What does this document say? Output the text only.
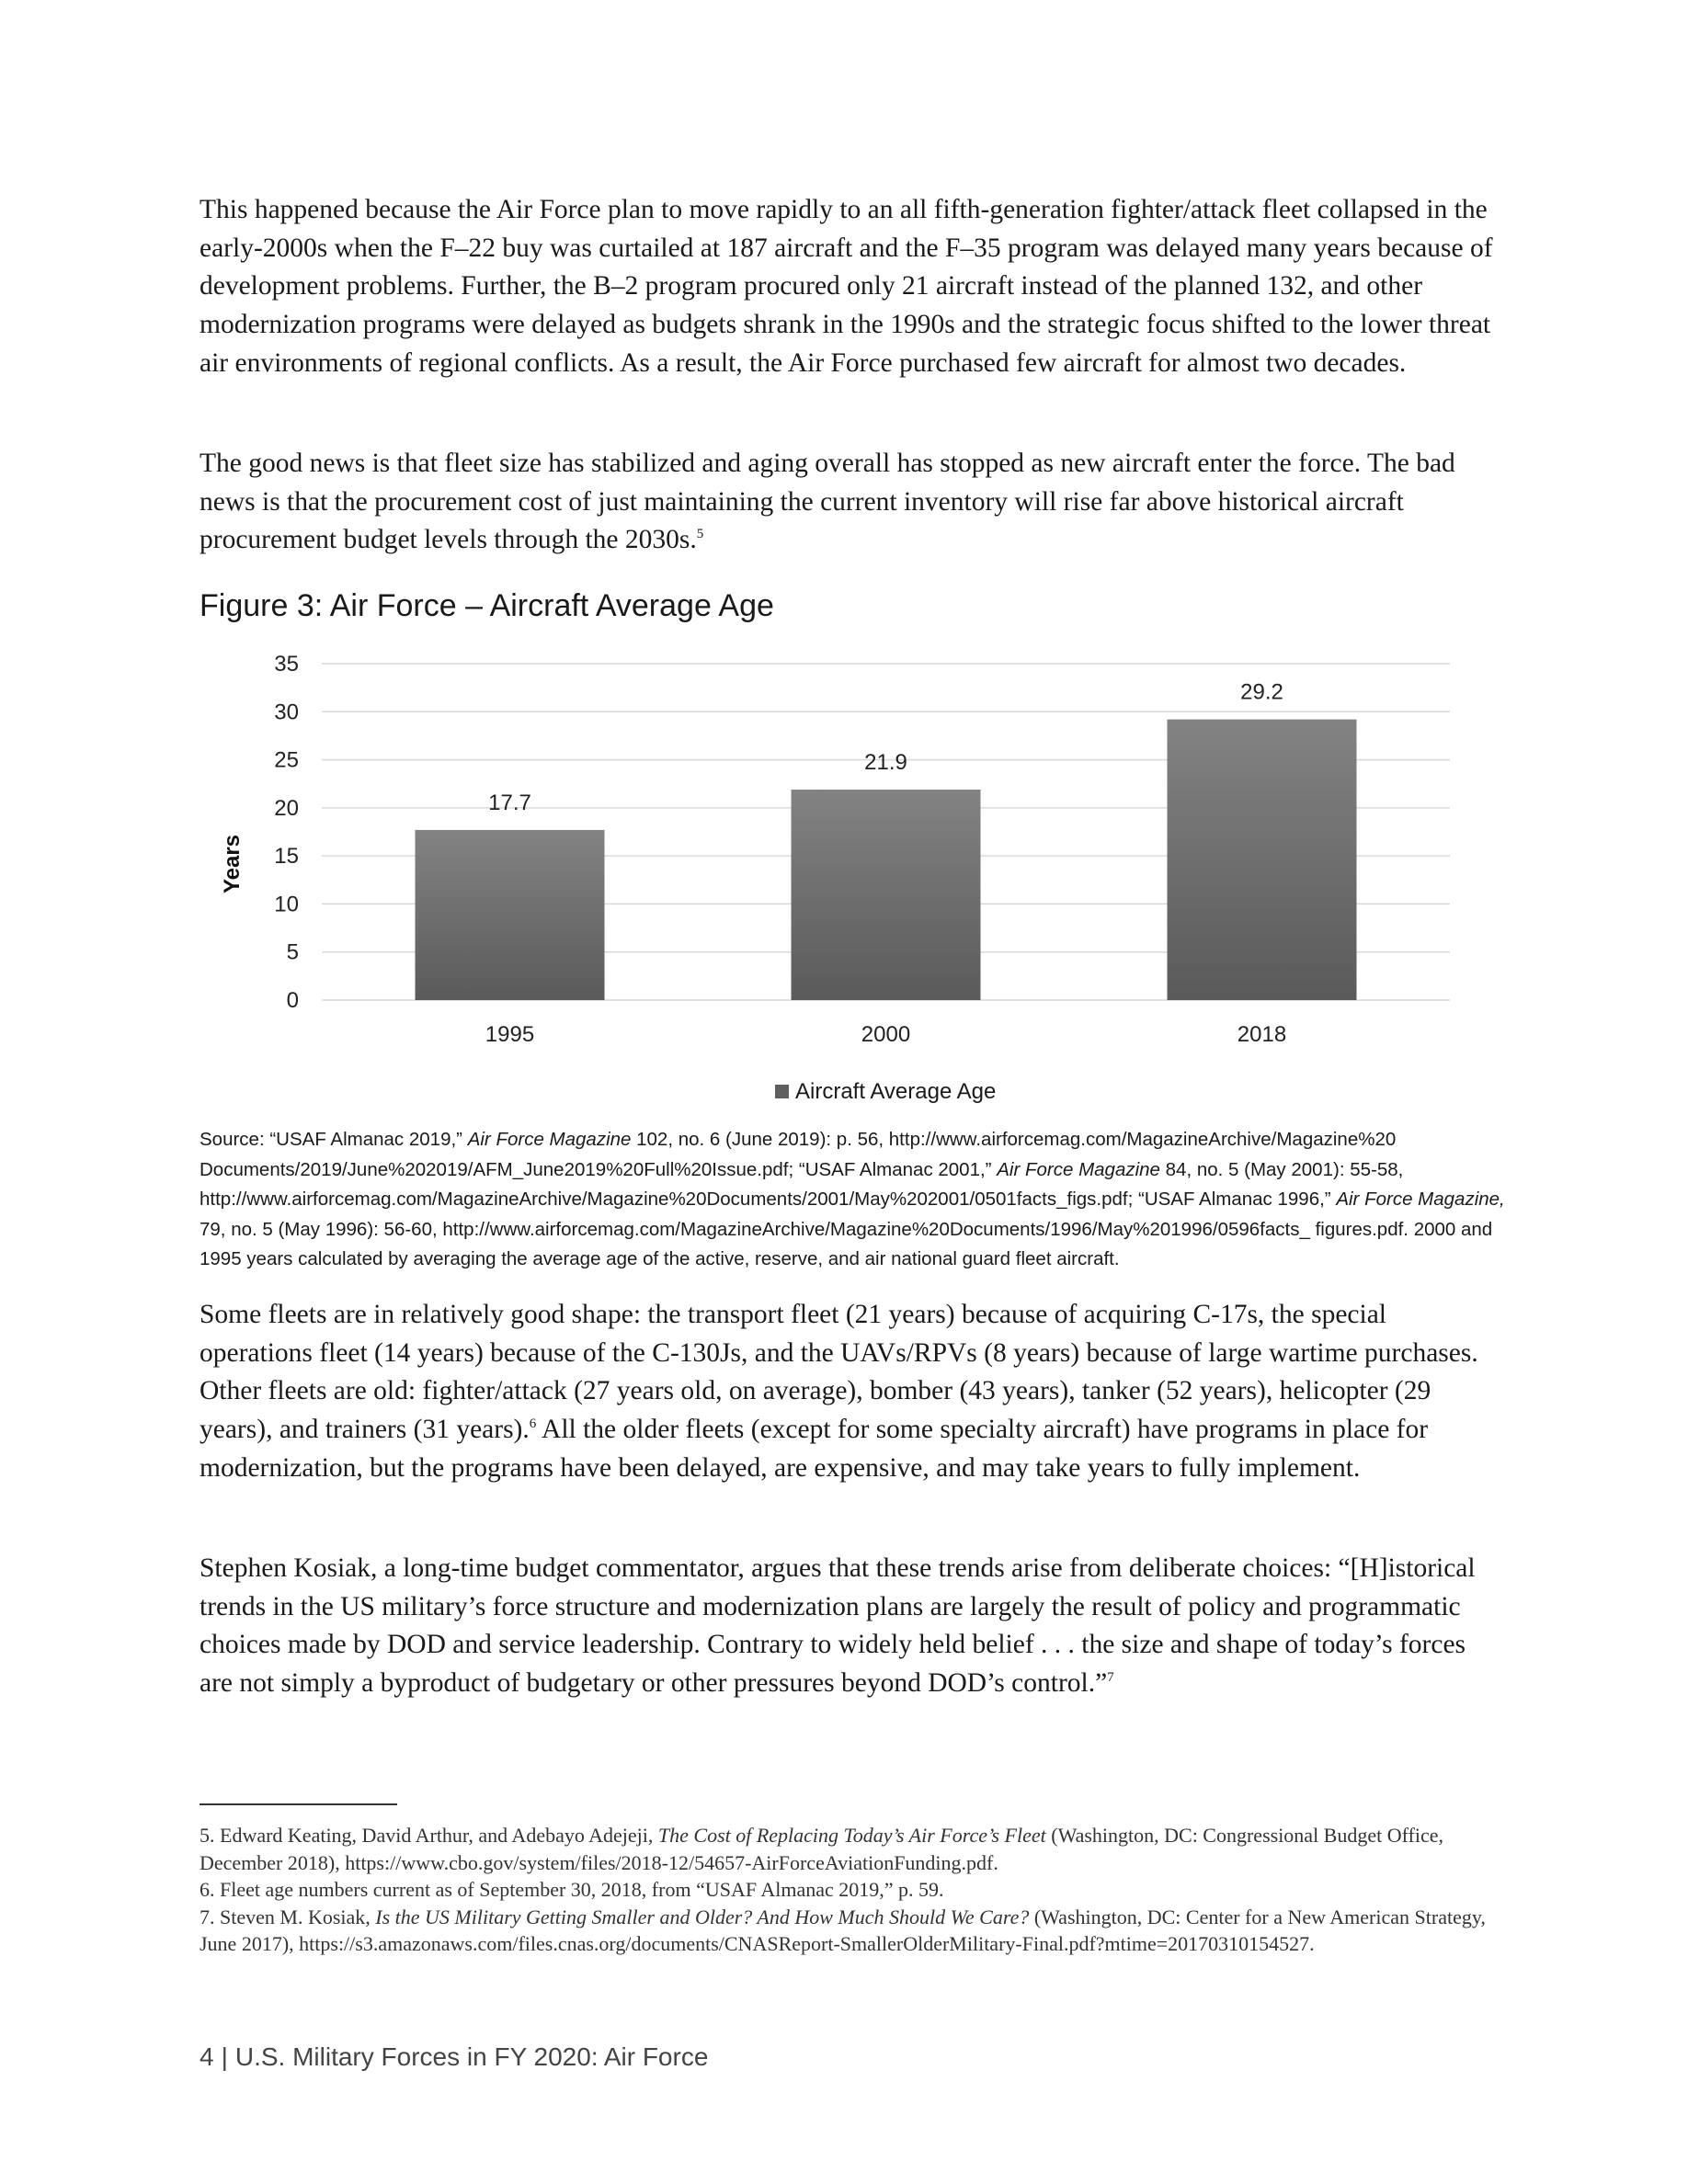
This happened because the Air Force plan to move rapidly to an all fifth-generation fighter/attack fleet collapsed in the early-2000s when the F–22 buy was curtailed at 187 aircraft and the F–35 program was delayed many years because of development problems. Further, the B–2 program procured only 21 aircraft instead of the planned 132, and other modernization programs were delayed as budgets shrank in the 1990s and the strategic focus shifted to the lower threat air environments of regional conflicts. As a result, the Air Force purchased few aircraft for almost two decades.

The good news is that fleet size has stabilized and aging overall has stopped as new aircraft enter the force. The bad news is that the procurement cost of just maintaining the current inventory will rise far above historical aircraft procurement budget levels through the 2030s.$^5$

Figure 3: Air Force – Aircraft Average Age
0
5
10
15
20
25
30
35
17.7
21.9
29.2
1995	2000	2018
Years
Aircraft Average Age

Source: “USAF Almanac 2019,” Air Force Magazine 102, no. 6 (June 2019): p. 56, http://www.airforcemag.com/MagazineArchive/Magazine%20 Documents/2019/June%202019/AFM_June2019%20Full%20Issue.pdf; “USAF Almanac 2001,” Air Force Magazine 84, no. 5 (May 2001): 55-58, http://www.airforcemag.com/MagazineArchive/Magazine%20Documents/2001/May%202001/0501facts_figs.pdf; “USAF Almanac 1996,” Air Force Magazine, 79, no. 5 (May 1996): 56-60, http://www.airforcemag.com/MagazineArchive/Magazine%20Documents/1996/May%201996/0596facts_ figures.pdf. 2000 and 1995 years calculated by averaging the average age of the active, reserve, and air national guard fleet aircraft.

Some fleets are in relatively good shape: the transport fleet (21 years) because of acquiring C-17s, the special operations fleet (14 years) because of the C-130Js, and the UAVs/RPVs (8 years) because of large wartime purchases. Other fleets are old: fighter/attack (27 years old, on average), bomber (43 years), tanker (52 years), helicopter (29 years), and trainers (31 years).$^6$ All the older fleets (except for some specialty aircraft) have programs in place for modernization, but the programs have been delayed, are expensive, and may take years to fully implement.

Stephen Kosiak, a long-time budget commentator, argues that these trends arise from deliberate choices: “[H]istorical trends in the US military’s force structure and modernization plans are largely the result of policy and programmatic choices made by DOD and service leadership. Contrary to widely held belief . . . the size and shape of today’s forces are not simply a byproduct of budgetary or other pressures beyond DOD’s control.”$^7$

5. Edward Keating, David Arthur, and Adebayo Adejeji, The Cost of Replacing Today’s Air Force’s Fleet (Washington, DC: Congressional Budget Office, December 2018), https://www.cbo.gov/system/files/2018-12/54657-AirForceAviationFunding.pdf.

6. Fleet age numbers current as of September 30, 2018, from “USAF Almanac 2019,” p. 59.

7. Steven M. Kosiak, Is the US Military Getting Smaller and Older? And How Much Should We Care? (Washington, DC: Center for a New American Strategy, June 2017), https://s3.amazonaws.com/files.cnas.org/documents/CNASReport-SmallerOlderMilitary-Final.pdf?mtime=20170310154527.

4 | U.S. Military Forces in FY 2020: Air Force
